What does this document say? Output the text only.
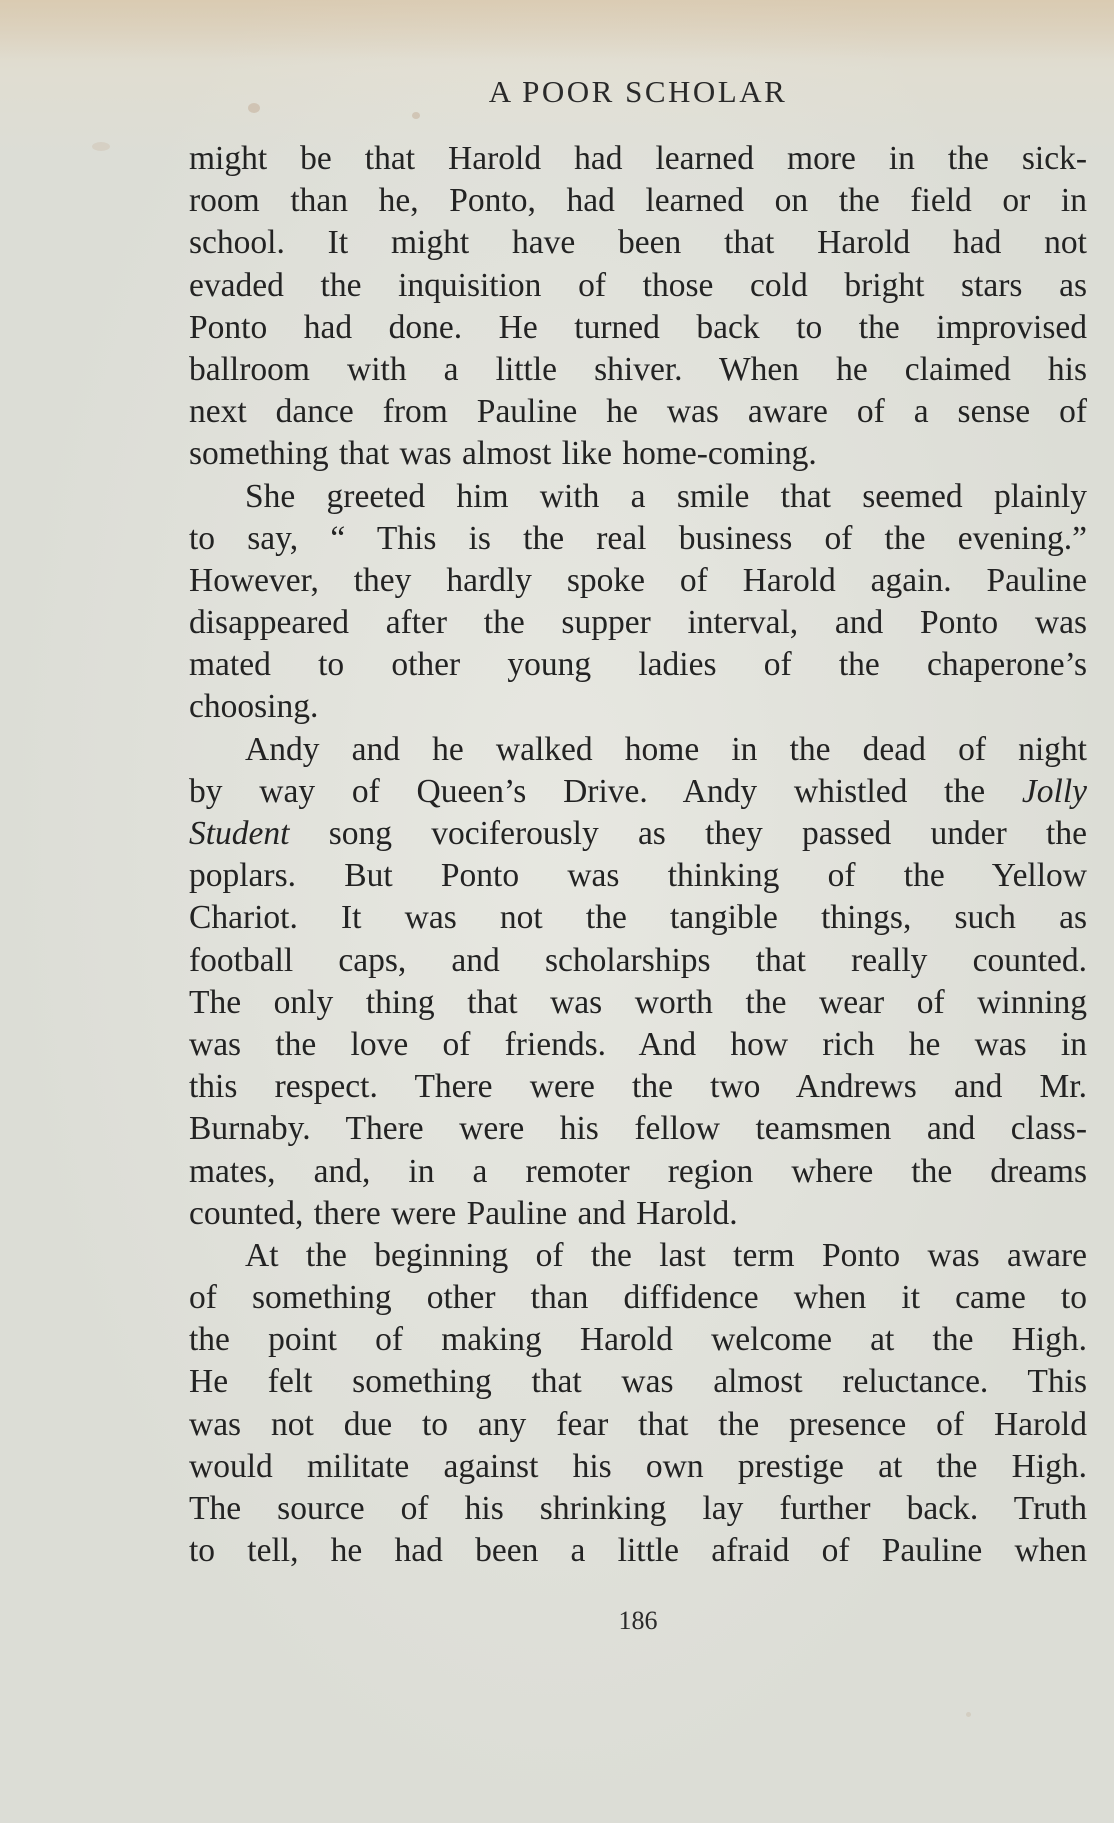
A POOR SCHOLAR
might be that Harold had learned more in the sick-
room than he, Ponto, had learned on the field or in
school. It might have been that Harold had not
evaded the inquisition of those cold bright stars as
Ponto had done. He turned back to the improvised
ballroom with a little shiver. When he claimed his
next dance from Pauline he was aware of a sense of
something that was almost like home-coming.
She greeted him with a smile that seemed plainly
to say, “ This is the real business of the evening.”
However, they hardly spoke of Harold again. Pauline
disappeared after the supper interval, and Ponto was
mated to other young ladies of the chaperone’s
choosing.
Andy and he walked home in the dead of night
by way of Queen’s Drive. Andy whistled the Jolly
Student song vociferously as they passed under the
poplars. But Ponto was thinking of the Yellow
Chariot. It was not the tangible things, such as
football caps, and scholarships that really counted.
The only thing that was worth the wear of winning
was the love of friends. And how rich he was in
this respect. There were the two Andrews and Mr.
Burnaby. There were his fellow teamsmen and class-
mates, and, in a remoter region where the dreams
counted, there were Pauline and Harold.
At the beginning of the last term Ponto was aware
of something other than diffidence when it came to
the point of making Harold welcome at the High.
He felt something that was almost reluctance. This
was not due to any fear that the presence of Harold
would militate against his own prestige at the High.
The source of his shrinking lay further back. Truth
to tell, he had been a little afraid of Pauline when
186
